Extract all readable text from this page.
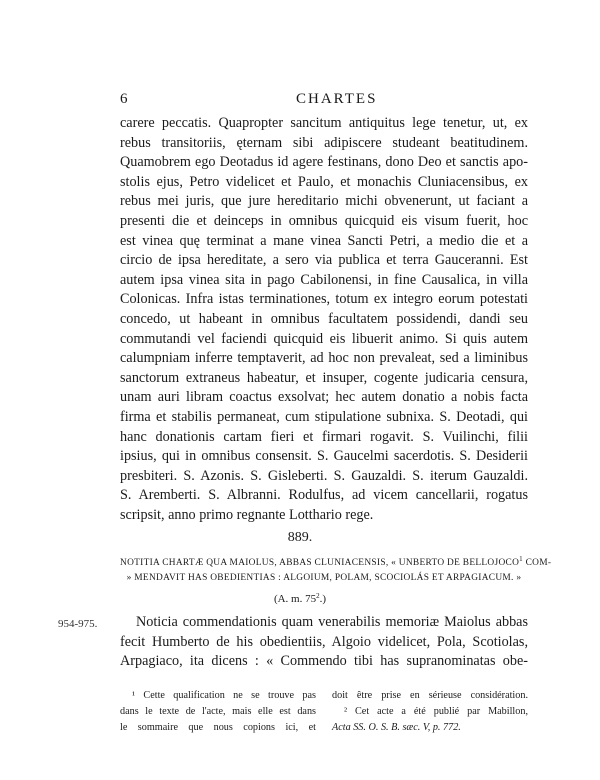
6	CHARTES
carere peccatis. Quapropter sancitum antiquitus lege tenetur, ut, ex
rebus transitoriis, ęternam sibi adipiscere studeant beatitudinem.
Quamobrem ego Deotadus id agere festinans, dono Deo et sanctis apo-
stolis ejus, Petro videlicet et Paulo, et monachis Cluniacensibus, ex
rebus mei juris, que jure hereditario michi obvenerunt, ut faciant a
presenti die et deinceps in omnibus quicquid eis visum fuerit, hoc
est vinea quę terminat a mane vinea Sancti Petri, a medio die et a
circio de ipsa hereditate, a sero via publica et terra Gauceranni. Est
autem ipsa vinea sita in pago Cabilonensi, in fine Causalica, in villa
Colonicas. Infra istas terminationes, totum ex integro eorum potestati
concedo, ut habeant in omnibus facultatem possidendi, dandi seu
commutandi vel faciendi quicquid eis libuerit animo. Si quis autem
calumpniam inferre temptaverit, ad hoc non prevaleat, sed a liminibus
sanctorum extraneus habeatur, et insuper, cogente judicaria censura,
unam auri libram coactus exsolvat; hec autem donatio a nobis facta
firma et stabilis permaneat, cum stipulatione subnixa. S. Deotadi, qui
hanc donationis cartam fieri et firmari rogavit. S. Vuilinchi, filii
ipsius, qui in omnibus consensit. S. Gaucelmi sacerdotis. S. Desiderii
presbiteri. S. Azonis. S. Gisleberti. S. Gauzaldi. S. iterum Gauzaldi.
S. Aremberti. S. Albranni. Rodulfus, ad vicem cancellarii, rogatus
scripsit, anno primo regnante Lotthario rege.
889.
NOTITIA CHARTÆ QUA MAIOLUS, ABBAS CLUNIACENSIS, « UNBERTO DE BELLOJOCO$^1$ COM-
» MENDAVIT HAS OBEDIENTIAS : ALGOIUM, POLAM, SCOCIOLÁS ET ARPAGIACUM. »
(A. m. $75^2$.)
954-975.	Noticia commendationis quam venerabilis memoriæ Maiolus abbas
fecit Humberto de his obedientiis, Algoio videlicet, Pola, Scotiolas,
Arpagiaco, ita dicens : « Commendo tibi has supranominatas obe-
¹ Cette qualification ne se trouve pas
dans le texte de l'acte, mais elle est dans
le sommaire que nous copions ici, et
doit être prise en sérieuse considération.
² Cet acte a été publié par Mabillon,
Acta SS. O. S. B. sæc. V, p. 772.
